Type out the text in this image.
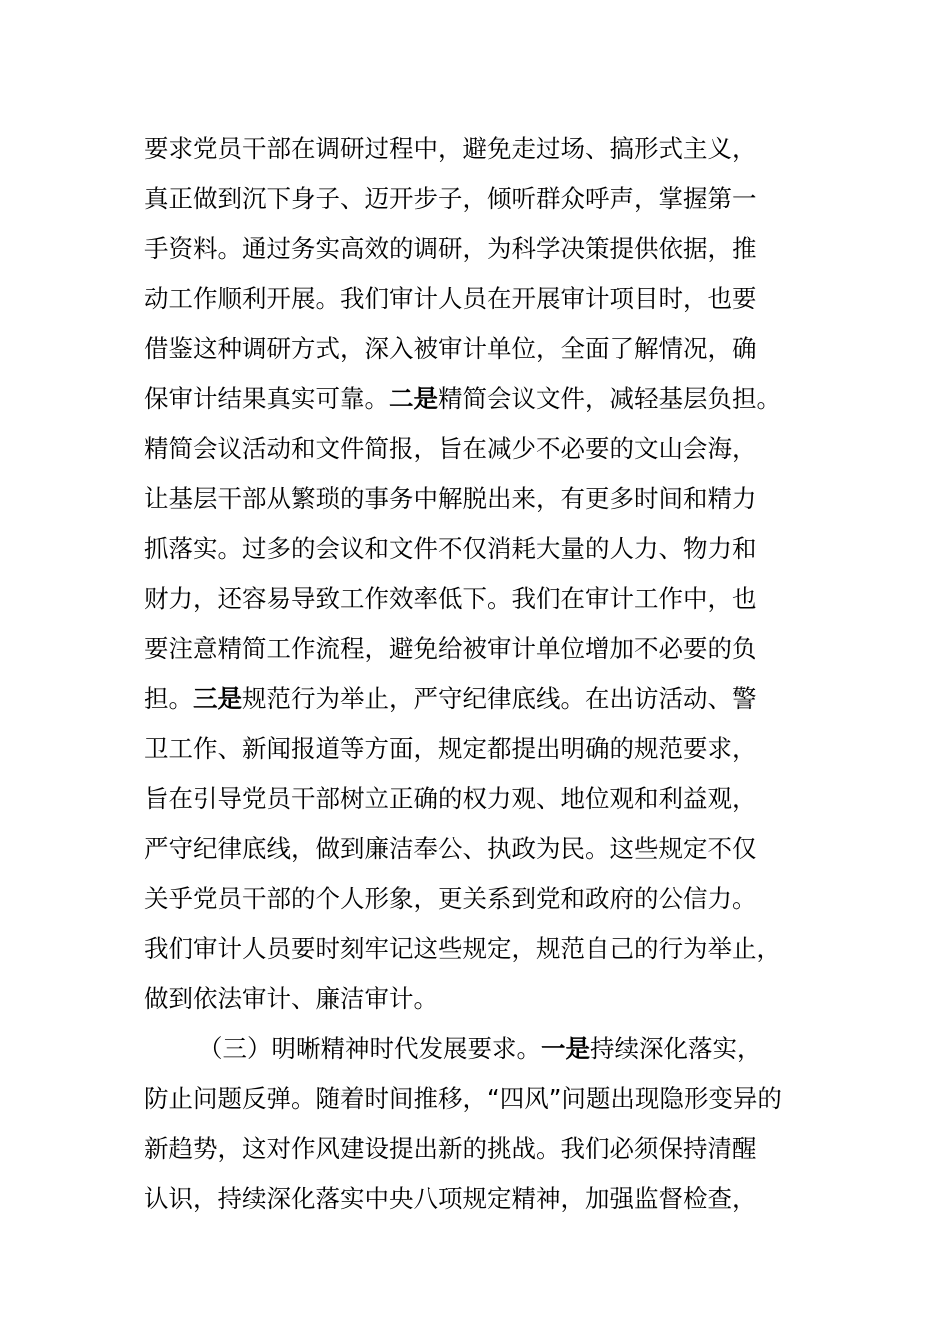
要求党员干部在调研过程中，避免走过场、搞形式主义，
真正做到沉下身子、迈开步子，倾听群众呼声，掌握第一
手资料。通过务实高效的调研，为科学决策提供依据，推
动工作顺利开展。我们审计人员在开展审计项目时，也要
借鉴这种调研方式，深入被审计单位，全面了解情况，确
保审计结果真实可靠。二是精简会议文件，减轻基层负担。
精简会议活动和文件简报，旨在减少不必要的文山会海，
让基层干部从繁琐的事务中解脱出来，有更多时间和精力
抓落实。过多的会议和文件不仅消耗大量的人力、物力和
财力，还容易导致工作效率低下。我们在审计工作中，也
要注意精简工作流程，避免给被审计单位增加不必要的负
担。三是规范行为举止，严守纪律底线。在出访活动、警
卫工作、新闻报道等方面，规定都提出明确的规范要求，
旨在引导党员干部树立正确的权力观、地位观和利益观，
严守纪律底线，做到廉洁奉公、执政为民。这些规定不仅
关乎党员干部的个人形象，更关系到党和政府的公信力。
我们审计人员要时刻牢记这些规定，规范自己的行为举止，
做到依法审计、廉洁审计。
（三）明晰精神时代发展要求。一是持续深化落实，
防止问题反弹。随着时间推移，“四风”问题出现隐形变异的
新趋势，这对作风建设提出新的挑战。我们必须保持清醒
认识，持续深化落实中央八项规定精神，加强监督检查，
